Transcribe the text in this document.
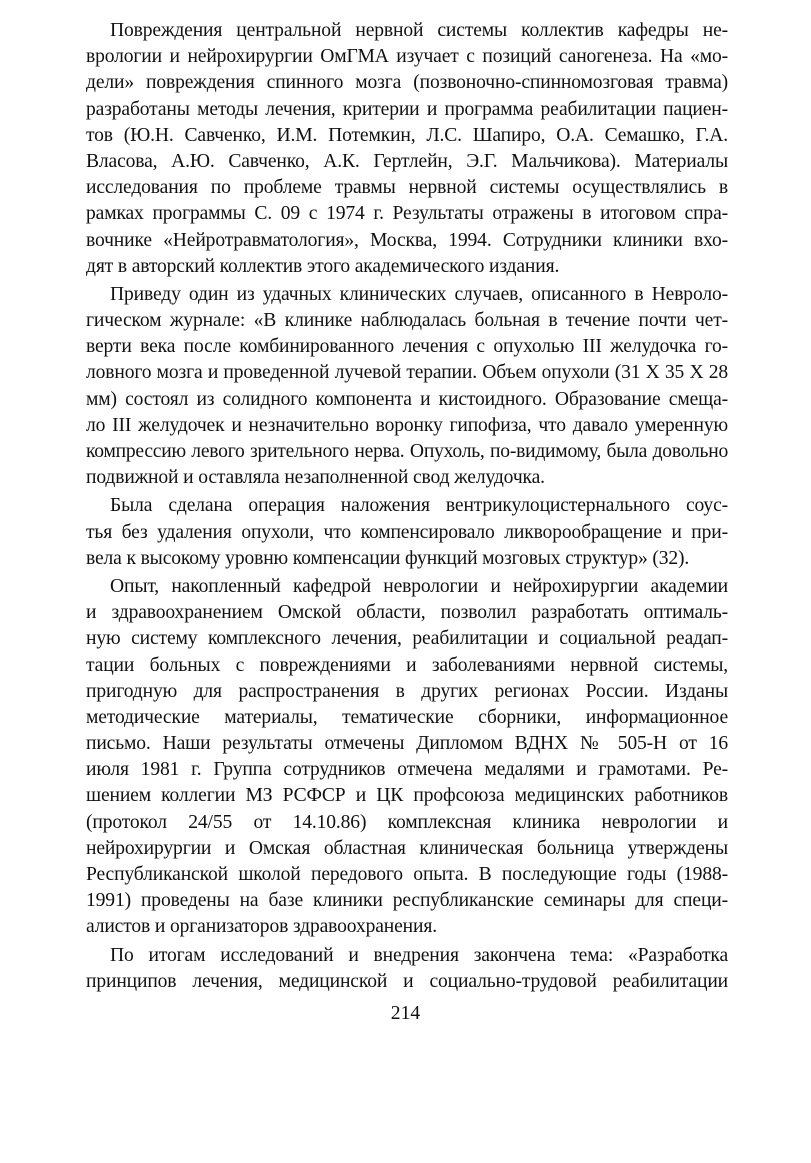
Повреждения центральной нервной системы коллектив кафедры не-
врологии и нейрохирургии ОмГМА изучает с позиций саногенеза. На «мо-
дели» повреждения спинного мозга (позвоночно-спинномозговая травма)
разработаны методы лечения, критерии и программа реабилитации пациен-
тов (Ю.Н. Савченко, И.М. Потемкин, Л.С. Шапиро, О.А. Семашко, Г.А.
Власова, А.Ю. Савченко, А.К. Гертлейн, Э.Г. Мальчикова). Материалы
исследования по проблеме травмы нервной системы осуществлялись в
рамках программы С. 09 с 1974 г. Результаты отражены в итоговом спра-
вочнике «Нейротравматология», Москва, 1994. Сотрудники клиники вхо-
дят в авторский коллектив этого академического издания.
Приведу один из удачных клинических случаев, описанного в Невроло-
гическом журнале: «В клинике наблюдалась больная в течение почти чет-
верти века после комбинированного лечения с опухолью III желудочка го-
ловного мозга и проведенной лучевой терапии. Объем опухоли (31 X 35 X 28
мм) состоял из солидного компонента и кистоидного. Образование смеща-
ло III желудочек и незначительно воронку гипофиза, что давало умеренную
компрессию левого зрительного нерва. Опухоль, по-видимому, была довольно
подвижной и оставляла незаполненной свод желудочка.
Была сделана операция наложения вентрикулоцистернального соус-
тья без удаления опухоли, что компенсировало ликворообращение и при-
вела к высокому уровню компенсации функций мозговых структур» (32).
Опыт, накопленный кафедрой неврологии и нейрохирургии академии
и здравоохранением Омской области, позволил разработать оптималь-
ную систему комплексного лечения, реабилитации и социальной реадап-
тации больных с повреждениями и заболеваниями нервной системы,
пригодную для распространения в других регионах России. Изданы
методические материалы, тематические сборники, информационное
письмо. Наши результаты отмечены Дипломом ВДНХ № 505-Н от 16
июля 1981 г. Группа сотрудников отмечена медалями и грамотами. Ре-
шением коллегии МЗ РСФСР и ЦК профсоюза медицинских работников
(протокол 24/55 от 14.10.86) комплексная клиника неврологии и
нейрохирургии и Омская областная клиническая больница утверждены
Республиканской школой передового опыта. В последующие годы (1988-
1991) проведены на базе клиники республиканские семинары для специ-
алистов и организаторов здравоохранения.
По итогам исследований и внедрения закончена тема: «Разработка
принципов лечения, медицинской и социально-трудовой реабилитации
214
